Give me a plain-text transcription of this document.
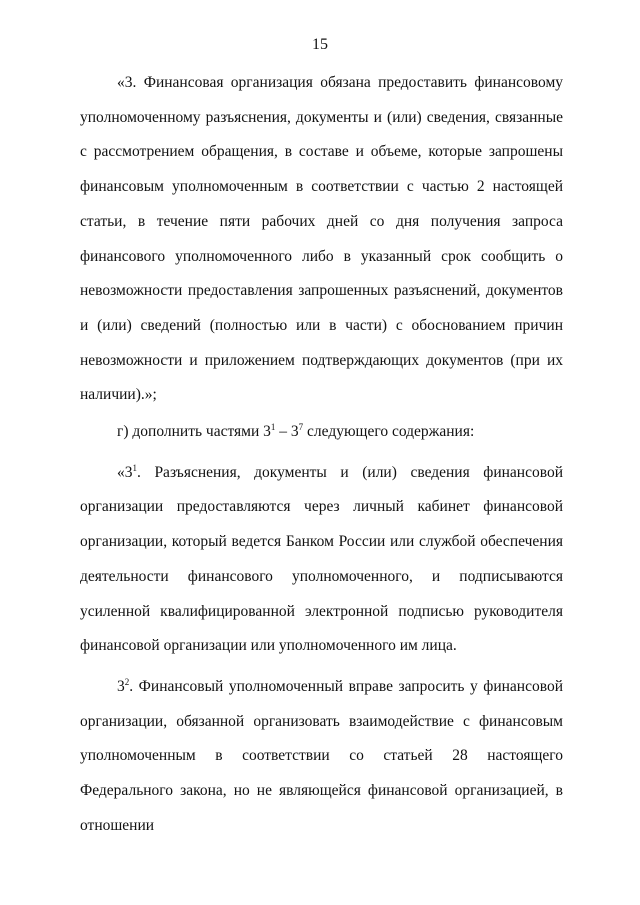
15

«3. Финансовая организация обязана предоставить финансовому уполномоченному разъяснения, документы и (или) сведения, связанные с рассмотрением обращения, в составе и объеме, которые запрошены финансовым уполномоченным в соответствии с частью 2 настоящей статьи, в течение пяти рабочих дней со дня получения запроса финансового уполномоченного либо в указанный срок сообщить о невозможности предоставления запрошенных разъяснений, документов и (или) сведений (полностью или в части) с обоснованием причин невозможности и приложением подтверждающих документов (при их наличии).»;

г) дополнить частями $3^1 - 3^7$ следующего содержания:

«$3^1$. Разъяснения, документы и (или) сведения финансовой организации предоставляются через личный кабинет финансовой организации, который ведется Банком России или службой обеспечения деятельности финансового уполномоченного, и подписываются усиленной квалифицированной электронной подписью руководителя финансовой организации или уполномоченного им лица.

$3^2$. Финансовый уполномоченный вправе запросить у финансовой организации, обязанной организовать взаимодействие с финансовым уполномоченным в соответствии со статьей 28 настоящего Федерального закона, но не являющейся финансовой организацией, в отношении
